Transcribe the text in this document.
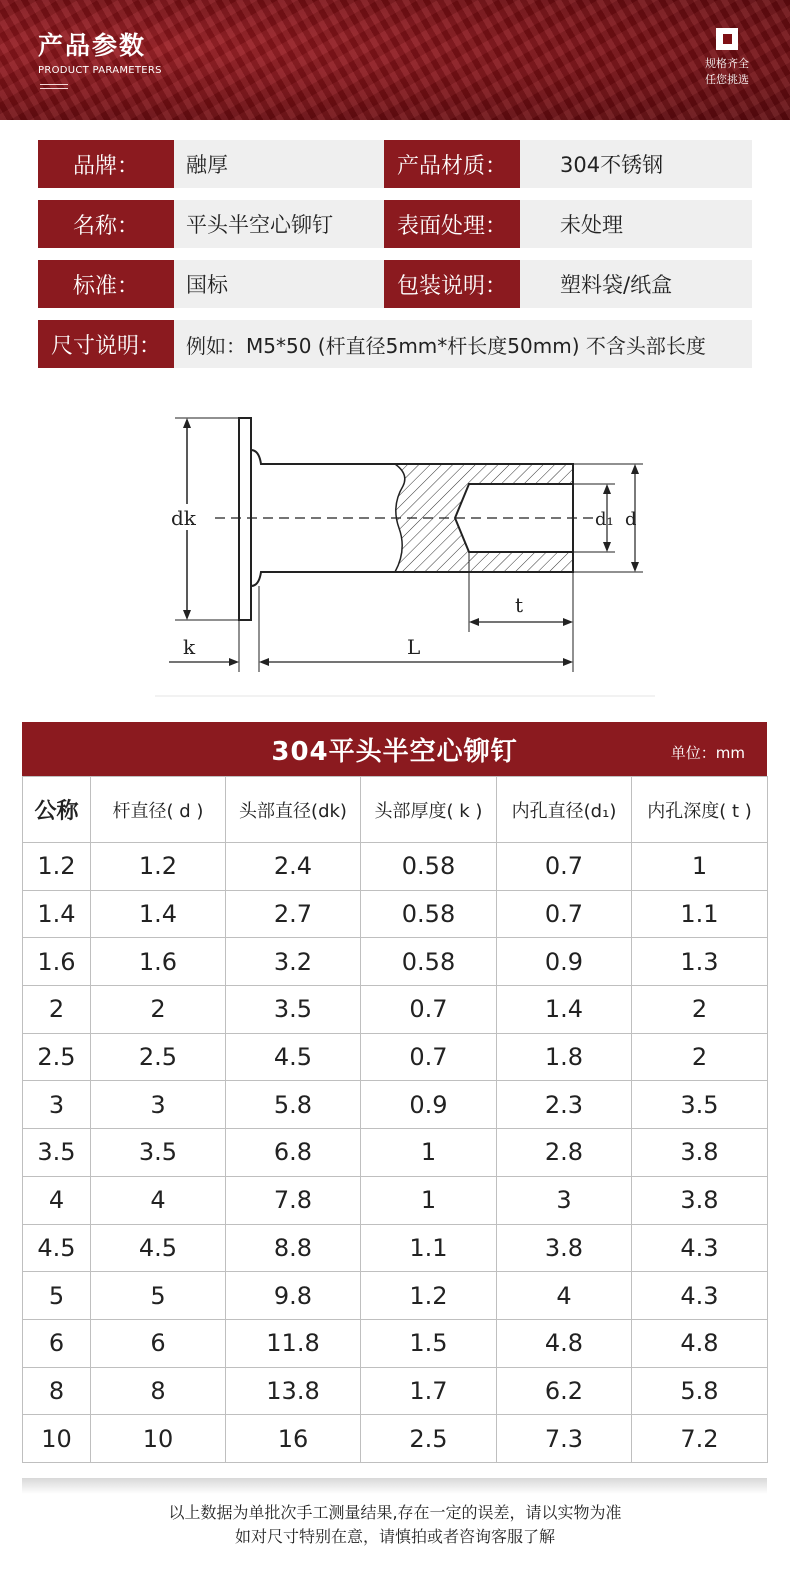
产品参数
PRODUCT PARAMETERS
规格齐全
任您挑选
品牌：	融厚	产品材质：	304不锈钢
名称：	平头半空心铆钉	表面处理：	未处理
标准：	国标	包装说明：	塑料袋/纸盒
尺寸说明：	例如：M5*50 (杆直径5mm*杆长度50mm) 不含头部长度
dk	d₁ d
t
k	L
304平头半空心铆钉	单位：mm
公称	杆直径( d )	头部直径(dk)	头部厚度( k )	内孔直径(d₁)	内孔深度( t )
1.2	1.2	2.4	0.58	0.7	1
1.4	1.4	2.7	0.58	0.7	1.1
1.6	1.6	3.2	0.58	0.9	1.3
2	2	3.5	0.7	1.4	2
2.5	2.5	4.5	0.7	1.8	2
3	3	5.8	0.9	2.3	3.5
3.5	3.5	6.8	1	2.8	3.8
4	4	7.8	1	3	3.8
4.5	4.5	8.8	1.1	3.8	4.3
5	5	9.8	1.2	4	4.3
6	6	11.8	1.5	4.8	4.8
8	8	13.8	1.7	6.2	5.8
10	10	16	2.5	7.3	7.2
以上数据为单批次手工测量结果,存在一定的误差，请以实物为准
如对尺寸特别在意，请慎拍或者咨询客服了解
